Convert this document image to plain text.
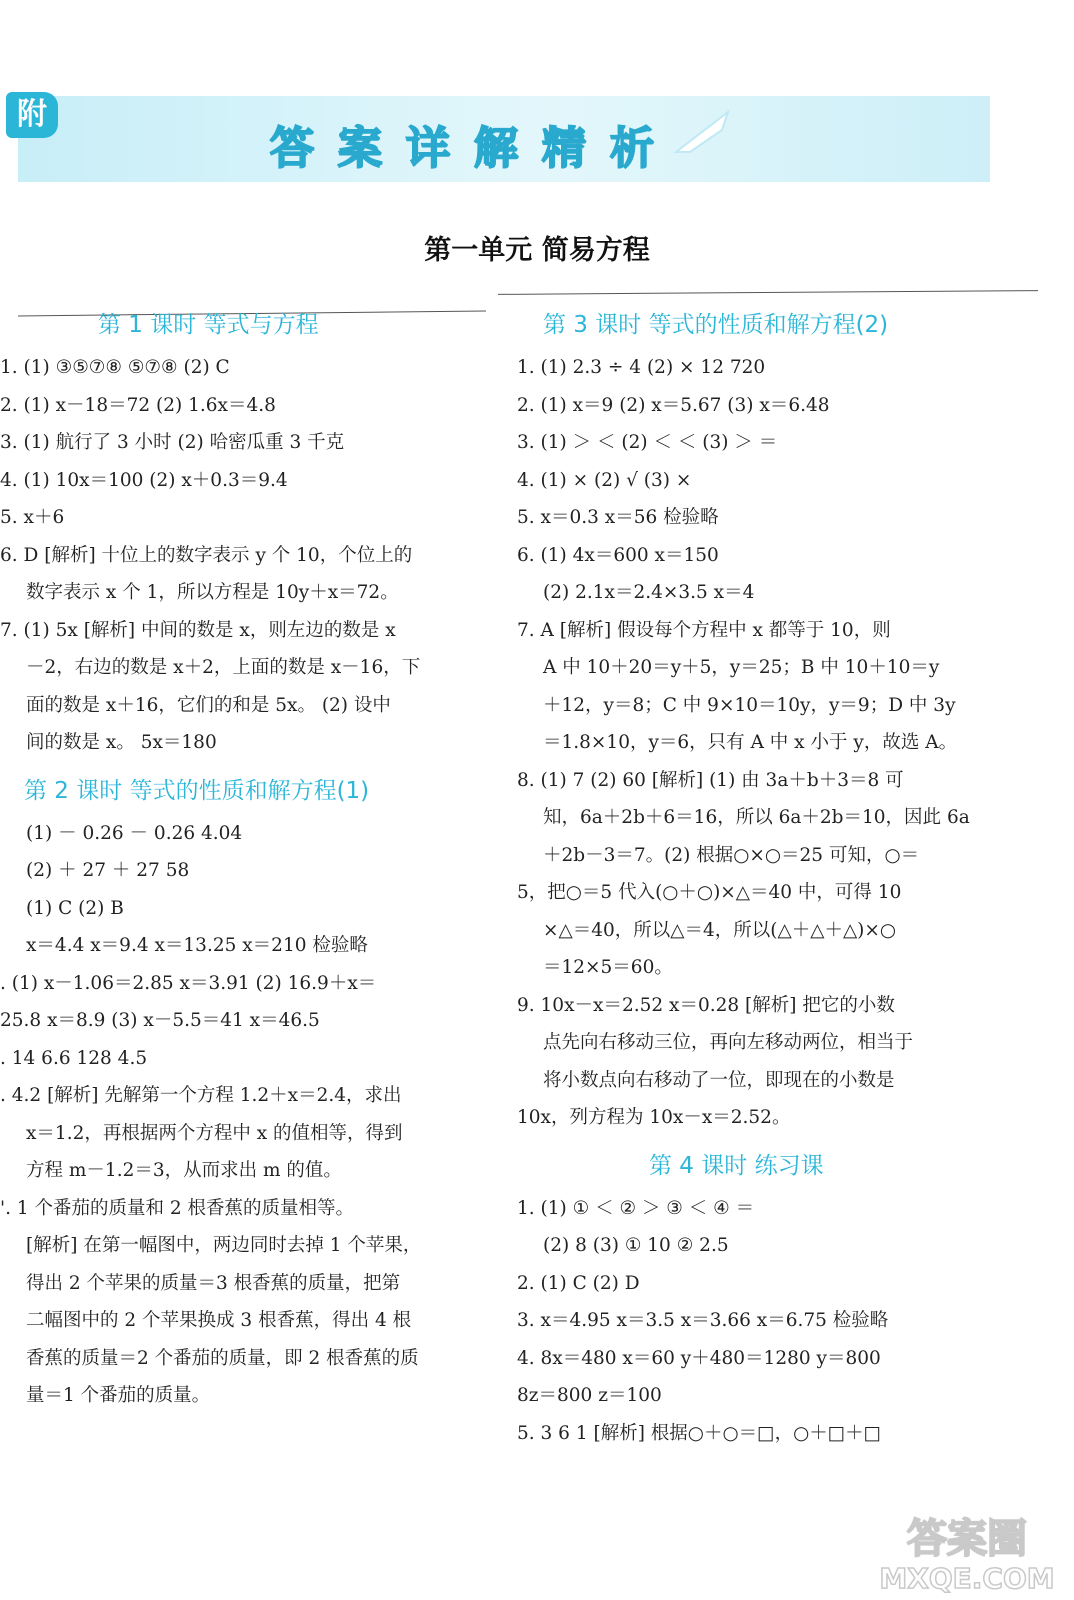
附
答案详解精析
第一单元 简易方程
第 1 课时 等式与方程
1. (1) ③⑤⑦⑧ ⑤⑦⑧ (2) C
2. (1) x－18＝72 (2) 1.6x＝4.8
3. (1) 航行了 3 小时 (2) 哈密瓜重 3 千克
4. (1) 10x＝100 (2) x＋0.3＝9.4
5. x＋6
6. D [解析] 十位上的数字表示 y 个 10，个位上的
数字表示 x 个 1，所以方程是 10y＋x＝72。
7. (1) 5x [解析] 中间的数是 x，则左边的数是 x
－2，右边的数是 x＋2，上面的数是 x－16，下
面的数是 x＋16，它们的和是 5x。 (2) 设中
间的数是 x。 5x＝180
第 2 课时 等式的性质和解方程(1)
(1) － 0.26 － 0.26 4.04
(2) ＋ 27 ＋ 27 58
(1) C (2) B
x＝4.4 x＝9.4 x＝13.25 x＝210 检验略
. (1) x－1.06＝2.85 x＝3.91 (2) 16.9＋x＝
25.8 x＝8.9 (3) x－5.5＝41 x＝46.5
. 14 6.6 128 4.5
. 4.2 [解析] 先解第一个方程 1.2＋x＝2.4，求出
x＝1.2，再根据两个方程中 x 的值相等，得到
方程 m－1.2＝3，从而求出 m 的值。
'. 1 个番茄的质量和 2 根香蕉的质量相等。
[解析] 在第一幅图中，两边同时去掉 1 个苹果，
得出 2 个苹果的质量＝3 根香蕉的质量，把第
二幅图中的 2 个苹果换成 3 根香蕉，得出 4 根
香蕉的质量＝2 个番茄的质量，即 2 根香蕉的质
量＝1 个番茄的质量。
第 3 课时 等式的性质和解方程(2)
1. (1) 2.3 ÷ 4 (2) × 12 720
2. (1) x＝9 (2) x＝5.67 (3) x＝6.48
3. (1) ＞ ＜ (2) ＜ ＜ (3) ＞ ＝
4. (1) × (2) √ (3) ×
5. x＝0.3 x＝56 检验略
6. (1) 4x＝600 x＝150
(2) 2.1x＝2.4×3.5 x＝4
7. A [解析] 假设每个方程中 x 都等于 10，则
A 中 10＋20＝y＋5，y＝25；B 中 10＋10＝y
＋12，y＝8；C 中 9×10＝10y，y＝9；D 中 3y
＝1.8×10，y＝6，只有 A 中 x 小于 y，故选 A。
8. (1) 7 (2) 60 [解析] (1) 由 3a＋b＋3＝8 可
知，6a＋2b＋6＝16，所以 6a＋2b＝10，因此 6a
＋2b－3＝7。(2) 根据○×○＝25 可知，○＝
5，把○＝5 代入(○＋○)×△＝40 中，可得 10
×△＝40，所以△＝4，所以(△＋△＋△)×○
＝12×5＝60。
9. 10x－x＝2.52 x＝0.28 [解析] 把它的小数
点先向右移动三位，再向左移动两位，相当于
将小数点向右移动了一位，即现在的小数是
10x，列方程为 10x－x＝2.52。
第 4 课时 练习课
1. (1) ① ＜ ② ＞ ③ ＜ ④ ＝
(2) 8 (3) ① 10 ② 2.5
2. (1) C (2) D
3. x＝4.95 x＝3.5 x＝3.66 x＝6.75 检验略
4. 8x＝480 x＝60 y＋480＝1280 y＝800
8z＝800 z＝100
5. 3 6 1 [解析] 根据○＋○＝□，○＋□＋□
答案圈
MXQE.COM
